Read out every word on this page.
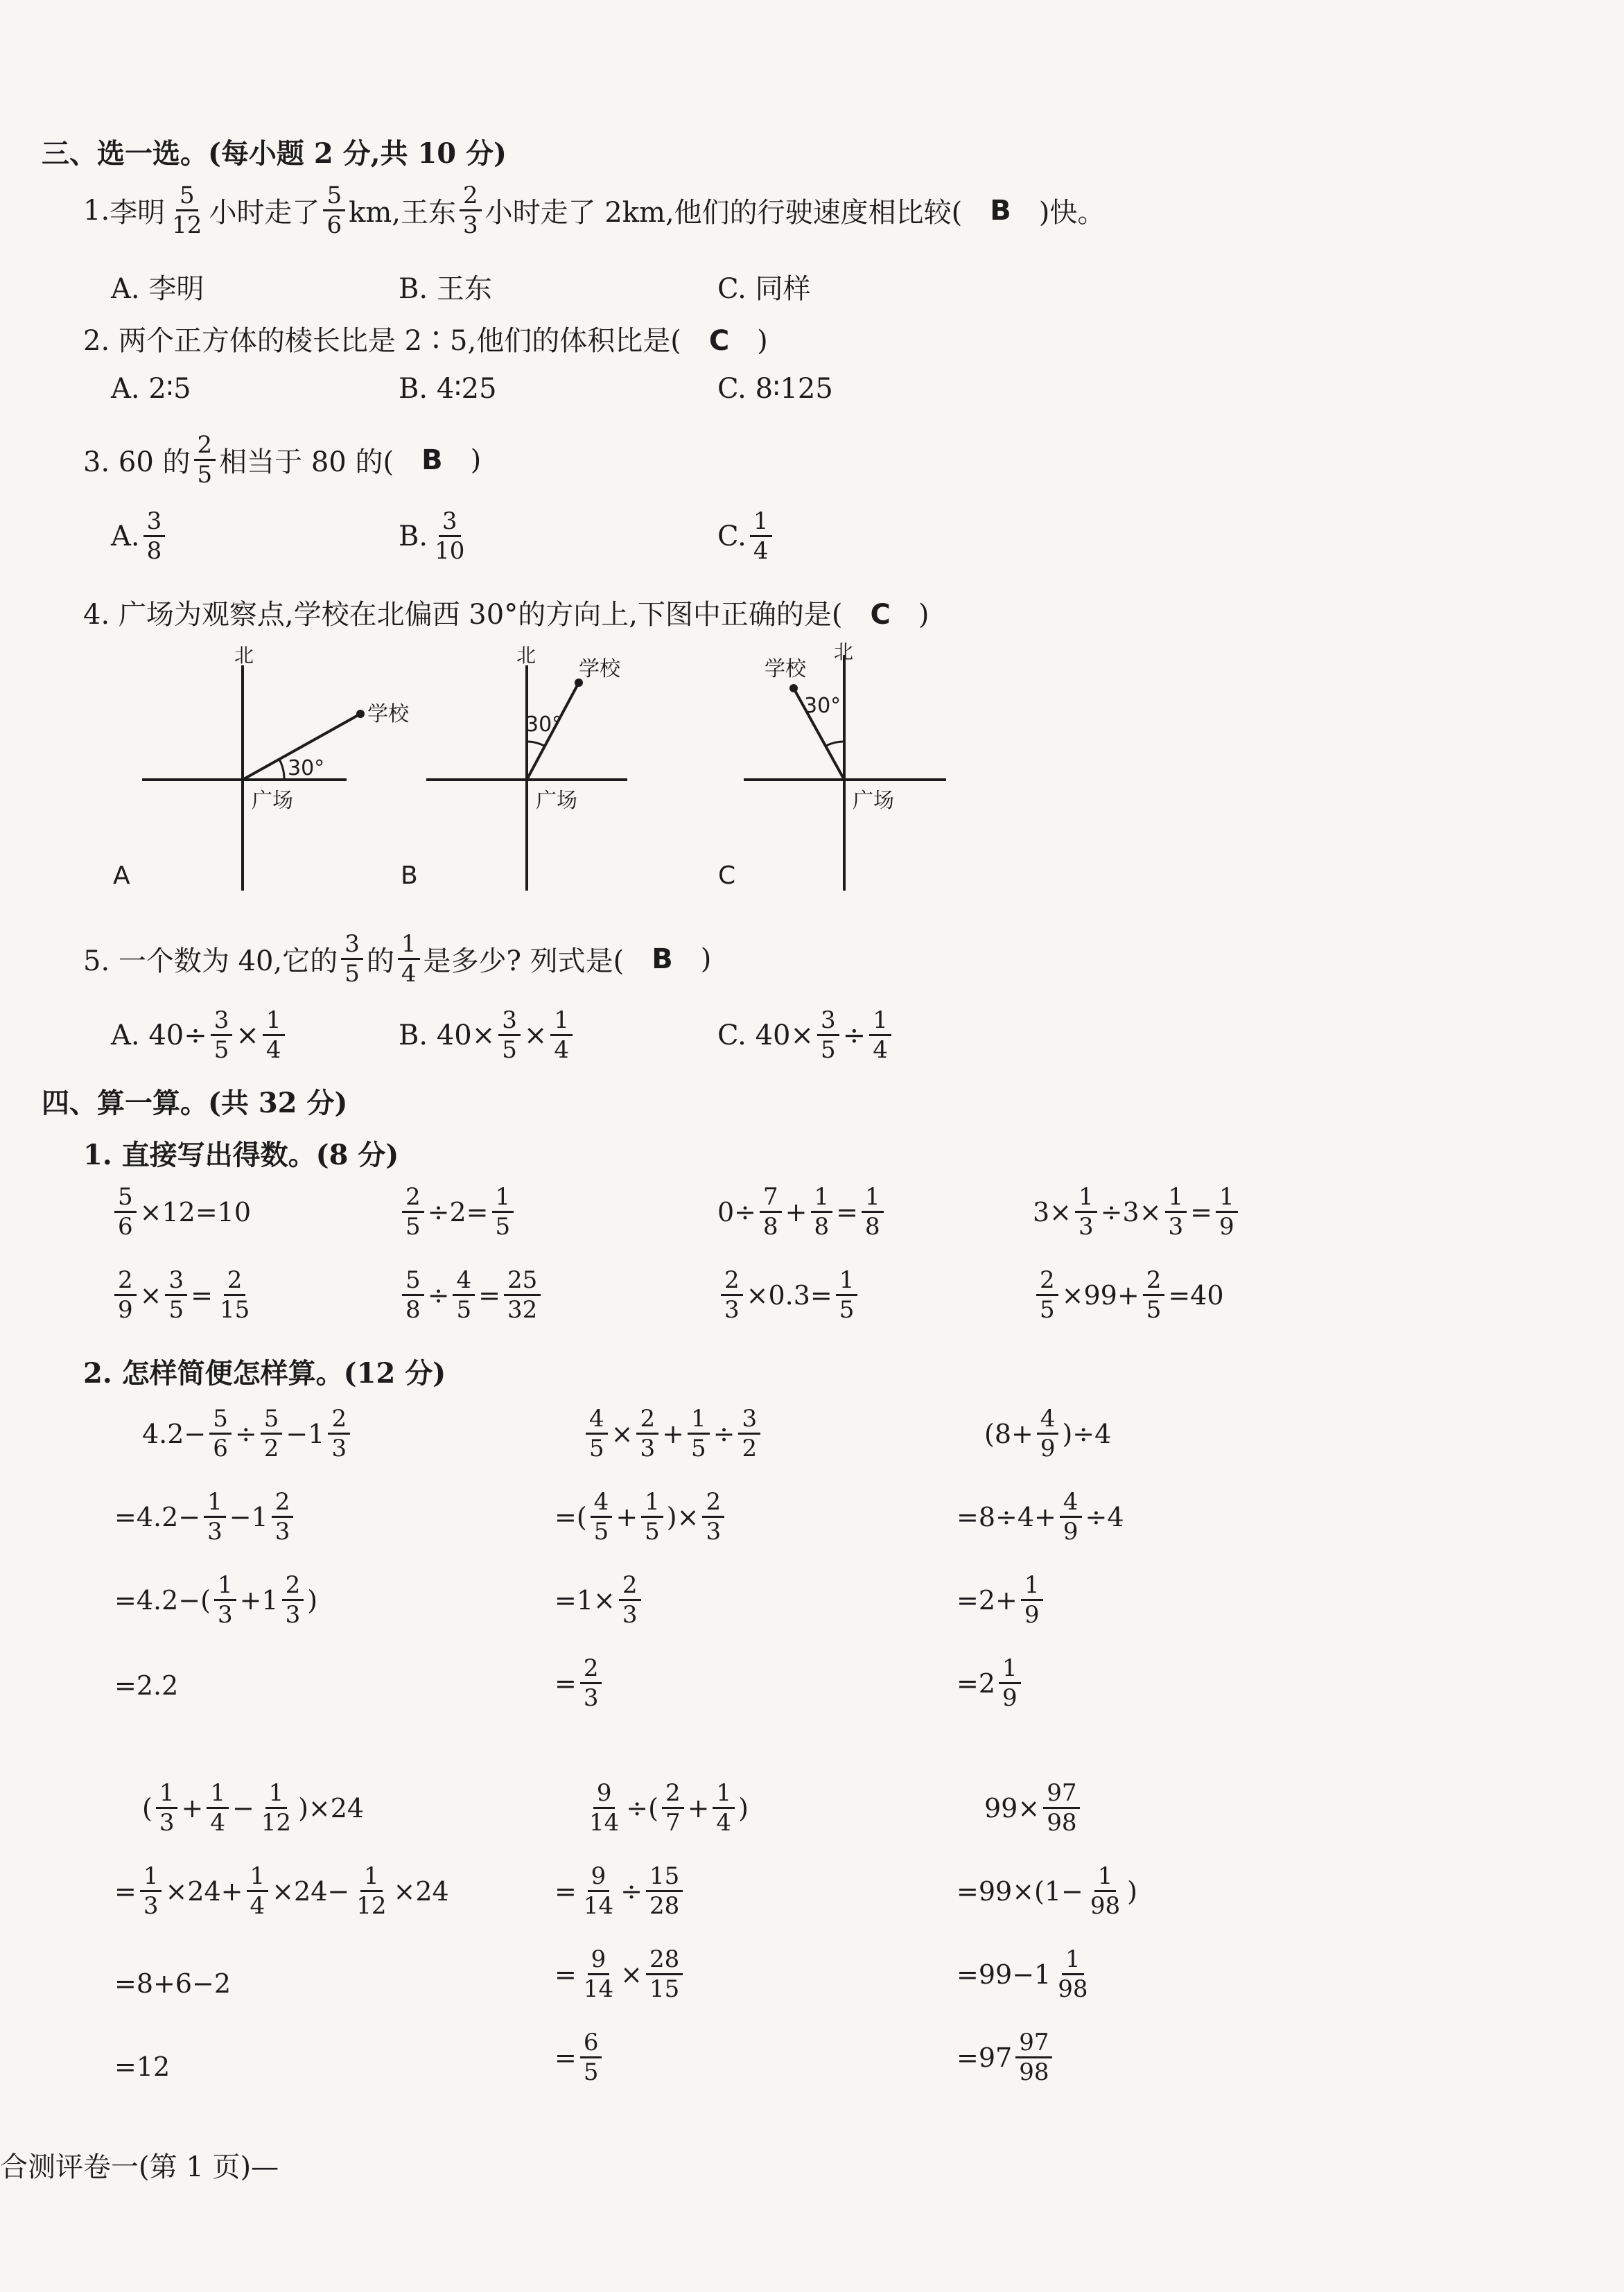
三、选一选。(每小题 2 分,共 10 分)
1. 李明 $\frac{5}{12}$ 小时走了 $\frac{5}{6}$ km,王东 $\frac{2}{3}$ 小时走了 2km,他们的行驶速度相比较( B )快。
A. 李明	B. 王东	C. 同样
2. 两个正方体的棱长比是 2∶5,他们的体积比是( C )
A. 2∶5	B. 4∶25	C. 8∶125
3. 60 的 $\frac{2}{5}$ 相当于 80 的( B )
A. $\frac{3}{8}$	B. $\frac{3}{10}$	C. $\frac{1}{4}$
4. 广场为观察点,学校在北偏西 30°的方向上,下图中正确的是( C )
北
学校
30°
广场
A
北
学校
30°
广场
B
北
学校
30°
广场
C
5. 一个数为 40,它的 $\frac{3}{5}$ 的 $\frac{1}{4}$ 是多少? 列式是( B )
A. $40\div \frac{3}{5} \times \frac{1}{4}$	B. $40\times \frac{3}{5} \times \frac{1}{4}$	C. $40\times \frac{3}{5} \div \frac{1}{4}$
四、算一算。(共 32 分)
1. 直接写出得数。(8 分)
$\frac{5}{6} \times 12=10$	$\frac{2}{5} \div 2= \frac{1}{5}$	$0\div \frac{7}{8} + \frac{1}{8} = \frac{1}{8}$	$3\times \frac{1}{3} \div 3\times \frac{1}{3} = \frac{1}{9}$
$\frac{2}{9} \times \frac{3}{5} = \frac{2}{15}$	$\frac{5}{8} \div \frac{4}{5} = \frac{25}{32}$	$\frac{2}{3} \times 0.3= \frac{1}{5}$	$\frac{2}{5} \times 99+ \frac{2}{5} =40$
2. 怎样简便怎样算。(12 分)
$4.2- \frac{5}{6} \div \frac{5}{2} -1 \frac{2}{3}$
$=4.2- \frac{1}{3} -1 \frac{2}{3}$
$=4.2-( \frac{1}{3} +1 \frac{2}{3}$ )
=2.2
$\frac{4}{5} \times \frac{2}{3} + \frac{1}{5} \div \frac{3}{2}$
=( $\frac{4}{5} + \frac{1}{5}$ )× $\frac{2}{3}$
$=1\times \frac{2}{3}$
= $\frac{2}{3}$
$(8+ \frac{4}{9} )\div 4$
$=8\div 4+ \frac{4}{9} \div 4$
$=2+ \frac{1}{9}$
$=2 \frac{1}{9}$
( $\frac{1}{3} + \frac{1}{4} - \frac{1}{12} )\times 24$
= $\frac{1}{3} \times 24+ \frac{1}{4} \times 24- \frac{1}{12} \times 24$
=8+6−2
=12
$\frac{9}{14}$ ÷( $\frac{2}{7} + \frac{1}{4}$ )
= $\frac{9}{14} \div \frac{15}{28}$
= $\frac{9}{14} \times \frac{28}{15}$
= $\frac{6}{5}$
$99\times \frac{97}{98}$
$=99\times(1- \frac{1}{98}$ )
$=99-1 \frac{1}{98}$
$=97 \frac{97}{98}$
合测评卷一(第 1 页)—
